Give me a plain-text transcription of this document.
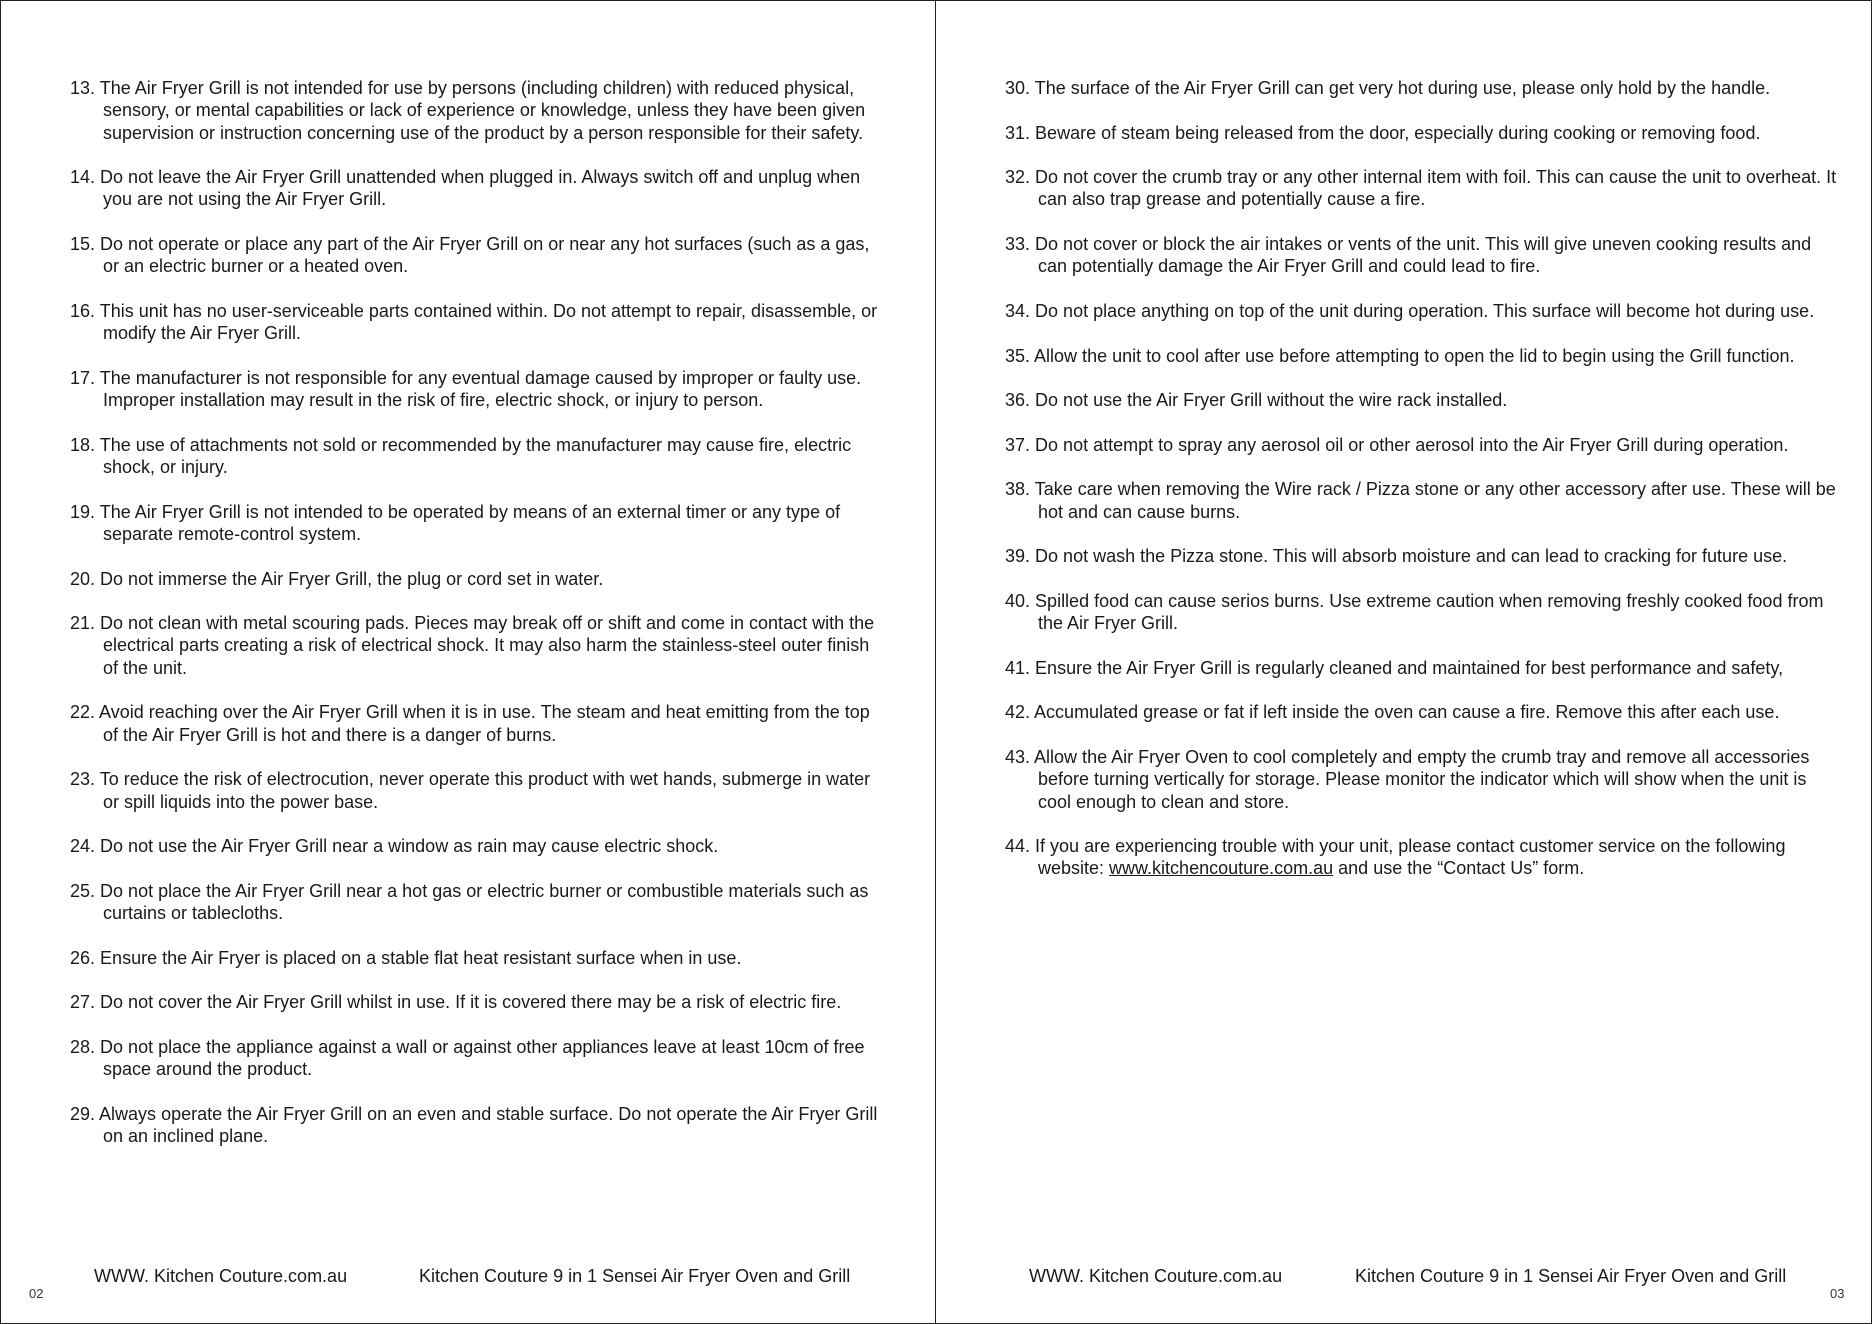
13. The Air Fryer Grill is not intended for use by persons (including children) with reduced physical, sensory, or mental capabilities or lack of experience or knowledge, unless they have been given supervision or instruction concerning use of the product by a person responsible for their safety.
14. Do not leave the Air Fryer Grill unattended when plugged in. Always switch off and unplug when you are not using the Air Fryer Grill.
15. Do not operate or place any part of the Air Fryer Grill on or near any hot surfaces (such as a gas, or an electric burner or a heated oven.
16. This unit has no user-serviceable parts contained within. Do not attempt to repair, disassemble, or modify the Air Fryer Grill.
17. The manufacturer is not responsible for any eventual damage caused by improper or faulty use. Improper installation may result in the risk of fire, electric shock, or injury to person.
18. The use of attachments not sold or recommended by the manufacturer may cause fire, electric shock, or injury.
19. The Air Fryer Grill is not intended to be operated by means of an external timer or any type of separate remote-control system.
20. Do not immerse the Air Fryer Grill, the plug or cord set in water.
21. Do not clean with metal scouring pads. Pieces may break off or shift and come in contact with the electrical parts creating a risk of electrical shock. It may also harm the stainless-steel outer finish of the unit.
22. Avoid reaching over the Air Fryer Grill when it is in use. The steam and heat emitting from the top of the Air Fryer Grill is hot and there is a danger of burns.
23. To reduce the risk of electrocution, never operate this product with wet hands, submerge in water or spill liquids into the power base.
24. Do not use the Air Fryer Grill near a window as rain may cause electric shock.
25. Do not place the Air Fryer Grill near a hot gas or electric burner or combustible materials such as curtains or tablecloths.
26. Ensure the Air Fryer is placed on a stable flat heat resistant surface when in use.
27. Do not cover the Air Fryer Grill whilst in use. If it is covered there may be a risk of electric fire.
28. Do not place the appliance against a wall or against other appliances leave at least 10cm of free space around the product.
29. Always operate the Air Fryer Grill on an even and stable surface. Do not operate the Air Fryer Grill on an inclined plane.
WWW. Kitchen Couture.com.au	Kitchen Couture 9 in 1 Sensei Air Fryer Oven and Grill
02
30. The surface of the Air Fryer Grill can get very hot during use, please only hold by the handle.
31. Beware of steam being released from the door, especially during cooking or removing food.
32. Do not cover the crumb tray or any other internal item with foil. This can cause the unit to overheat. It can also trap grease and potentially cause a fire.
33. Do not cover or block the air intakes or vents of the unit. This will give uneven cooking results and can potentially damage the Air Fryer Grill and could lead to fire.
34. Do not place anything on top of the unit during operation. This surface will become hot during use.
35. Allow the unit to cool after use before attempting to open the lid to begin using the Grill function.
36. Do not use the Air Fryer Grill without the wire rack installed.
37. Do not attempt to spray any aerosol oil or other aerosol into the Air Fryer Grill during operation.
38. Take care when removing the Wire rack / Pizza stone or any other accessory after use. These will be hot and can cause burns.
39. Do not wash the Pizza stone. This will absorb moisture and can lead to cracking for future use.
40. Spilled food can cause serios burns. Use extreme caution when removing freshly cooked food from the Air Fryer Grill.
41. Ensure the Air Fryer Grill is regularly cleaned and maintained for best performance and safety,
42. Accumulated grease or fat if left inside the oven can cause a fire. Remove this after each use.
43. Allow the Air Fryer Oven to cool completely and empty the crumb tray and remove all accessories before turning vertically for storage. Please monitor the indicator which will show when the unit is cool enough to clean and store.
44. If you are experiencing trouble with your unit, please contact customer service on the following website: www.kitchencouture.com.au and use the “Contact Us” form.
WWW. Kitchen Couture.com.au	Kitchen Couture 9 in 1 Sensei Air Fryer Oven and Grill
03
